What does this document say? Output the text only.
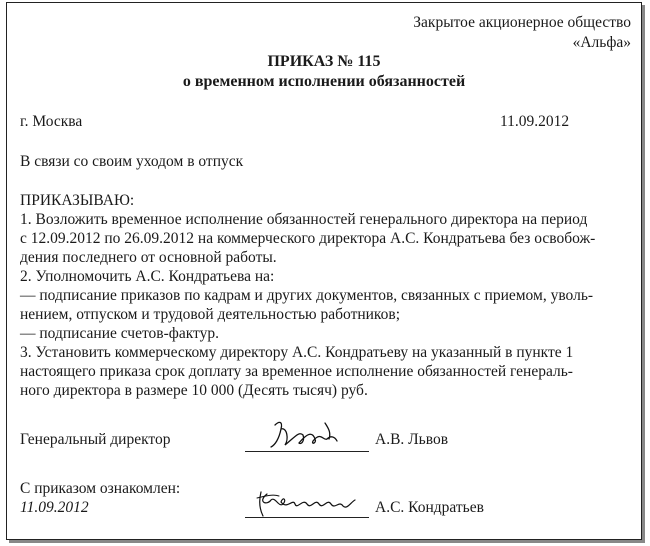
Закрытое акционерное общество
«Альфа»
ПРИКАЗ № 115
о временном исполнении обязанностей
г. Москва	11.09.2012
В связи со своим уходом в отпуск
ПРИКАЗЫВАЮ:
1. Возложить временное исполнение обязанностей генерального директора на период
с 12.09.2012 по 26.09.2012 на коммерческого директора А.С. Кондратьева без освобож-
дения последнего от основной работы.
2. Уполномочить А.С. Кондратьева на:
— подписание приказов по кадрам и других документов, связанных с приемом, уволь-
нением, отпуском и трудовой деятельностью работников;
— подписание счетов-фактур.
3. Установить коммерческому директору А.С. Кондратьеву на указанный в пункте 1
настоящего приказа срок доплату за временное исполнение обязанностей генераль-
ного директора в размере 10 000 (Десять тысяч) руб.
Генеральный директор	А.В. Львов
С приказом ознакомлен:
11.09.2012	А.С. Кондратьев
